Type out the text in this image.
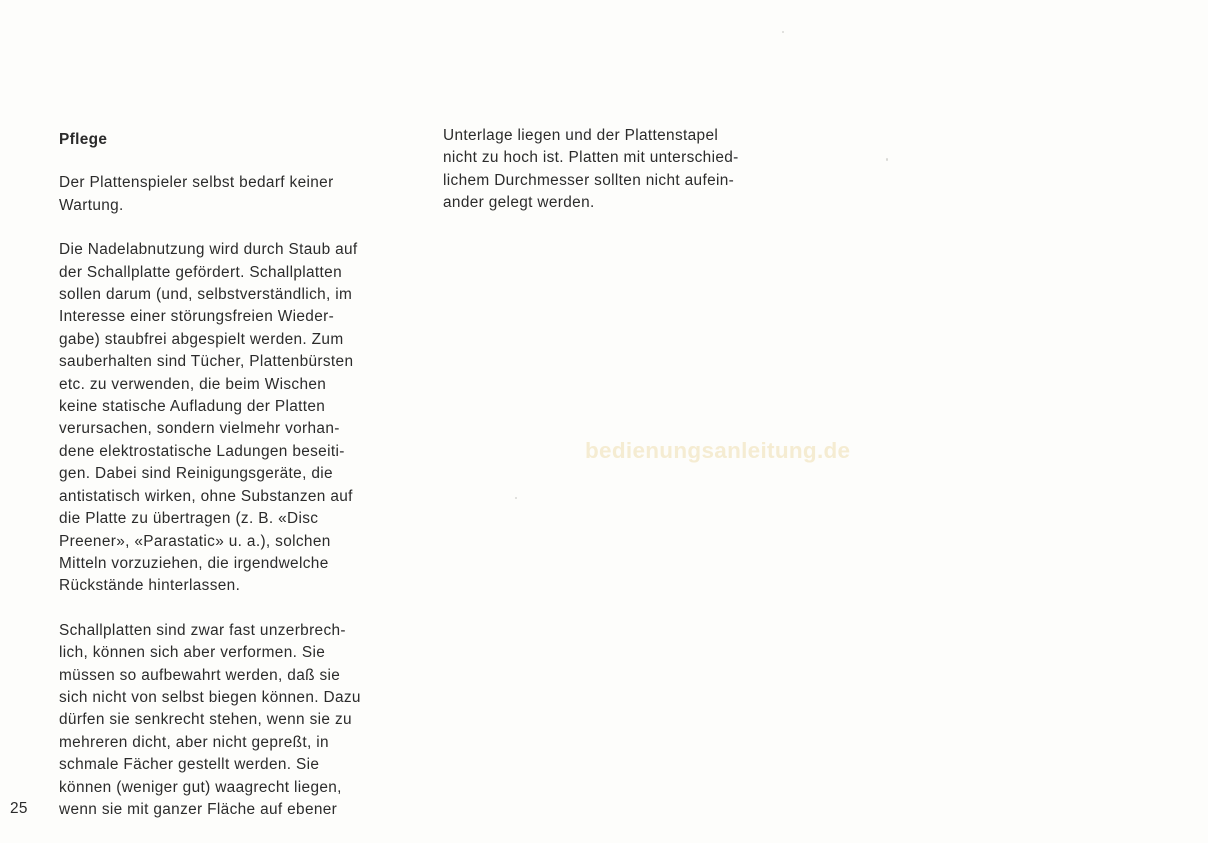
Pflege
Der Plattenspieler selbst bedarf keiner
Wartung.
Die Nadelabnutzung wird durch Staub auf
der Schallplatte gefördert. Schallplatten
sollen darum (und, selbstverständlich, im
Interesse einer störungsfreien Wieder-
gabe) staubfrei abgespielt werden. Zum
sauberhalten sind Tücher, Plattenbürsten
etc. zu verwenden, die beim Wischen
keine statische Aufladung der Platten
verursachen, sondern vielmehr vorhan-
dene elektrostatische Ladungen beseiti-
gen. Dabei sind Reinigungsgeräte, die
antistatisch wirken, ohne Substanzen auf
die Platte zu übertragen (z. B. «Disc
Preener», «Parastatic» u. a.), solchen
Mitteln vorzuziehen, die irgendwelche
Rückstände hinterlassen.
Schallplatten sind zwar fast unzerbrech-
lich, können sich aber verformen. Sie
müssen so aufbewahrt werden, daß sie
sich nicht von selbst biegen können. Dazu
dürfen sie senkrecht stehen, wenn sie zu
mehreren dicht, aber nicht gepreßt, in
schmale Fächer gestellt werden. Sie
können (weniger gut) waagrecht liegen,
wenn sie mit ganzer Fläche auf ebener
Unterlage liegen und der Plattenstapel
nicht zu hoch ist. Platten mit unterschied-
lichem Durchmesser sollten nicht aufein-
ander gelegt werden.
bedienungsanleitung.de
25
